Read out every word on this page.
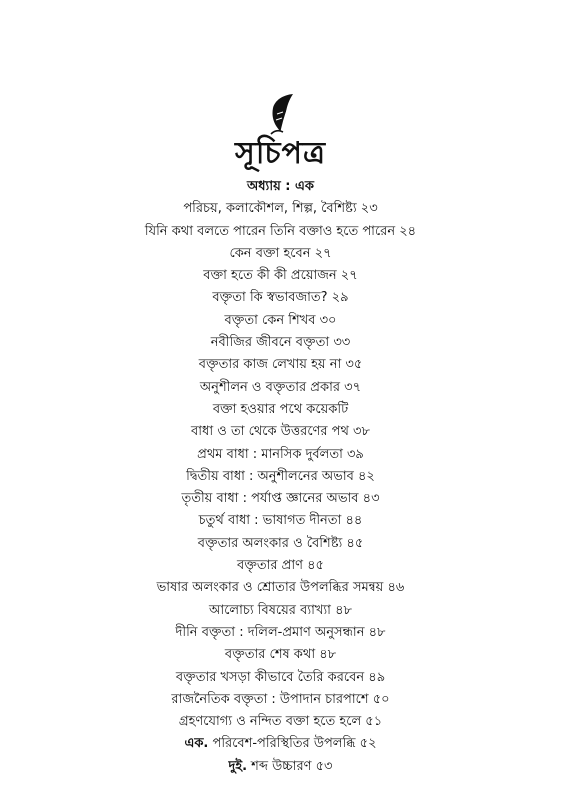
সূচিপত্র
অধ্যায় : এক
পরিচয়, কলাকৌশল, শিল্প, বৈশিষ্ট্য ২৩
যিনি কথা বলতে পারেন তিনি বক্তাও হতে পারেন ২৪
কেন বক্তা হবেন ২৭
বক্তা হতে কী কী প্রয়োজন ২৭
বক্তৃতা কি স্বভাবজাত? ২৯
বক্তৃতা কেন শিখব ৩০
নবীজির জীবনে বক্তৃতা ৩৩
বক্তৃতার কাজ লেখায় হয় না ৩৫
অনুশীলন ও বক্তৃতার প্রকার ৩৭
বক্তা হওয়ার পথে কয়েকটি
বাধা ও তা থেকে উত্তরণের পথ ৩৮
প্রথম বাধা : মানসিক দুর্বলতা ৩৯
দ্বিতীয় বাধা : অনুশীলনের অভাব ৪২
তৃতীয় বাধা : পর্যাপ্ত জ্ঞানের অভাব ৪৩
চতুর্থ বাধা : ভাষাগত দীনতা ৪৪
বক্তৃতার অলংকার ও বৈশিষ্ট্য ৪৫
বক্তৃতার প্রাণ ৪৫
ভাষার অলংকার ও শ্রোতার উপলব্ধির সমন্বয় ৪৬
আলোচ্য বিষয়ের ব্যাখ্যা ৪৮
দীনি বক্তৃতা : দলিল-প্রমাণ অনুসন্ধান ৪৮
বক্তৃতার শেষ কথা ৪৮
বক্তৃতার খসড়া কীভাবে তৈরি করবেন ৪৯
রাজনৈতিক বক্তৃতা : উপাদান চারপাশে ৫০
গ্রহণযোগ্য ও নন্দিত বক্তা হতে হলে ৫১
এক. পরিবেশ-পরিস্থিতির উপলব্ধি ৫২
দুই. শব্দ উচ্চারণ ৫৩
